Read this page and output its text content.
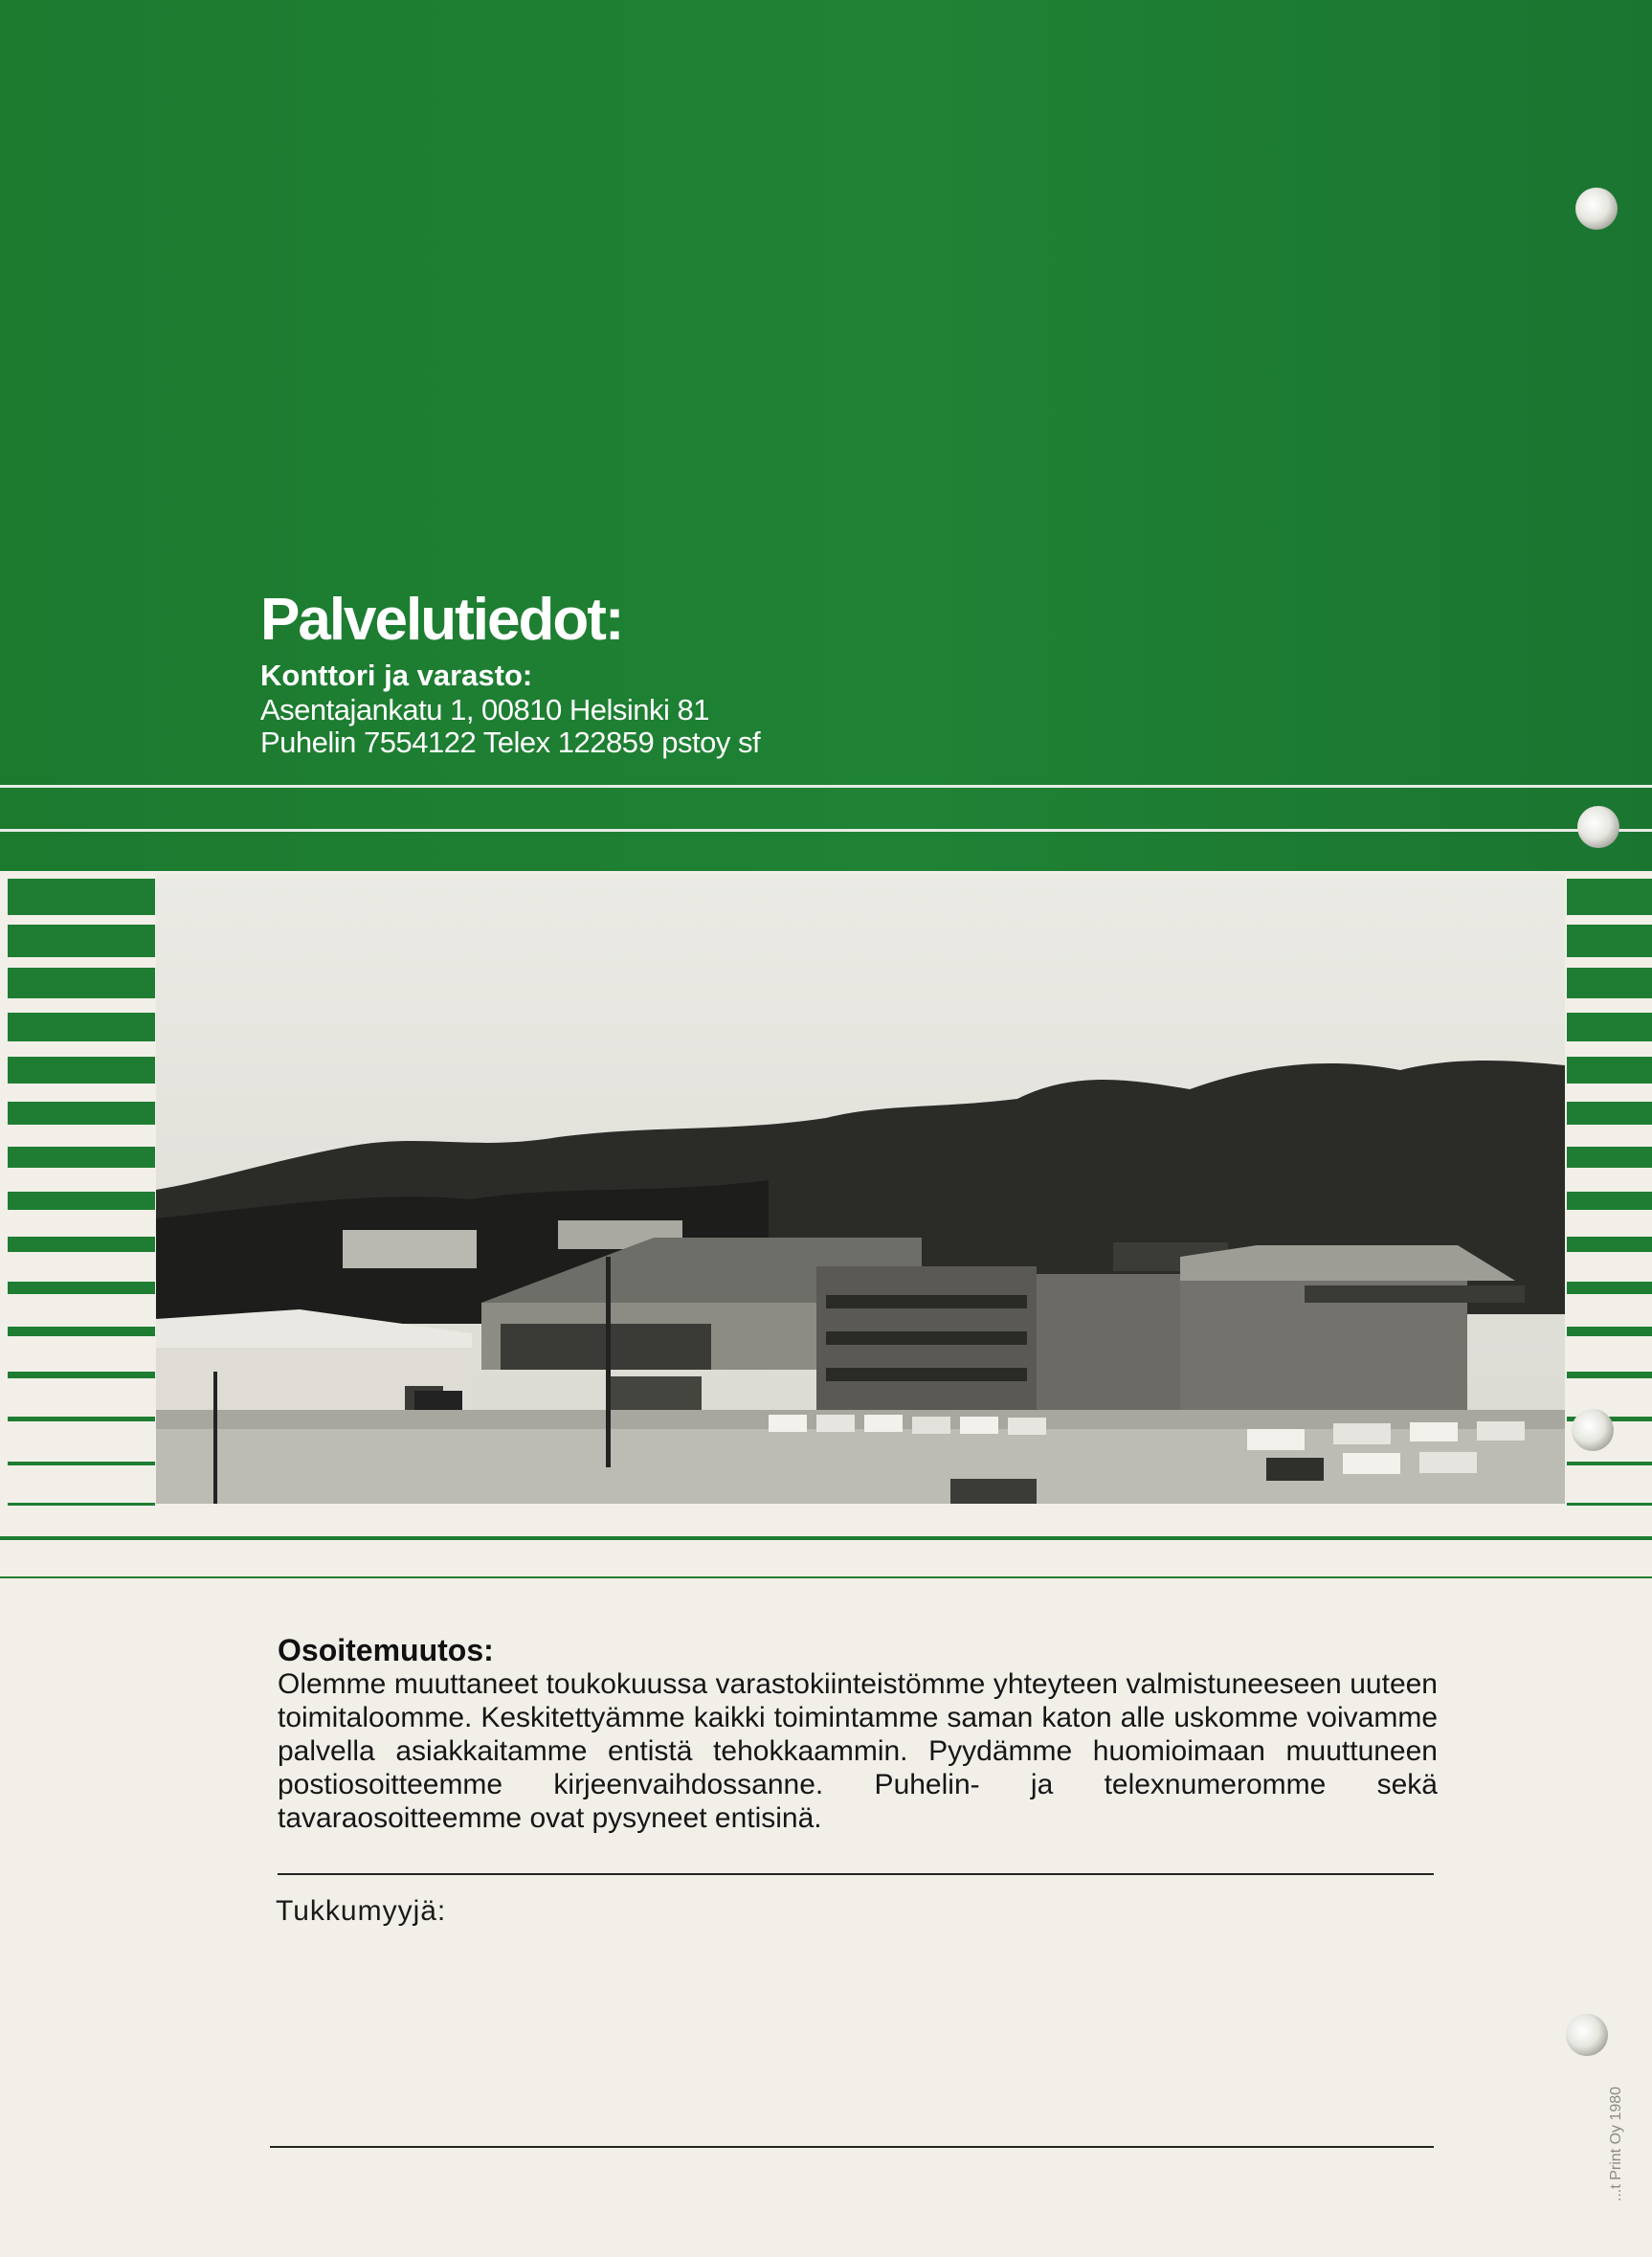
Palvelutiedot:
Konttori ja varasto:
Asentajankatu 1, 00810 Helsinki 81
Puhelin 7554122 Telex 122859 pstoy sf
Osoitemuutos:
Olemme muuttaneet toukokuussa varastokiinteistömme yhteyteen valmistuneeseen uuteen toimitaloomme. Keskitettyämme kaikki toimintamme saman katon alle uskomme voivamme palvella asiakkaitamme entistä tehokkaammin. Pyydämme huomioimaan muuttuneen postiosoitteemme kirjeenvaihdossanne. Puhelin- ja telexnumeromme sekä tavaraosoitteemme ovat pysyneet entisinä.
Tukkumyyjä:
...t Print Oy 1980
